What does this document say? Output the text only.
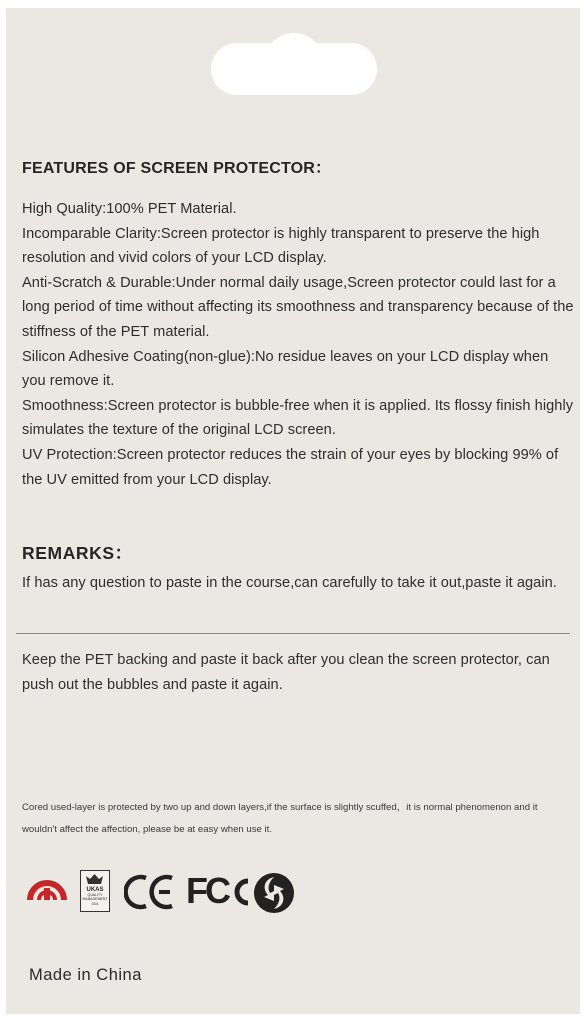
FEATURES OF SCREEN PROTECTOR：

High Quality:100% PET Material.

Incomparable Clarity:Screen protector is highly transparent to preserve the high resolution and vivid colors of your LCD display.

Anti-Scratch & Durable:Under normal daily usage,Screen protector could last for a long period of time without affecting its smoothness and transparency because of the stiffness of the PET material.

Silicon Adhesive Coating(non-glue):No residue leaves on your LCD display when you remove it.

Smoothness:Screen protector is bubble-free when it is applied. Its flossy finish highly simulates the texture of the original LCD screen.

UV Protection:Screen protector reduces the strain of your eyes by blocking 99% of the UV emitted from your LCD display.

REMARKS：
If has any question to paste in the course,can carefully to take it out,paste it again.
Keep the PET backing and paste it back after you clean the screen protector, can push out the bubbles and paste it again.
Cored used-layer is protected by two up and down layers,if the surface is slightly scuffed，it is normal phenomenon and it wouldn't affect the affection, please be at easy when use it.
UKAS
QUALITY
MANAGEMENT
014 FC
Made in China
